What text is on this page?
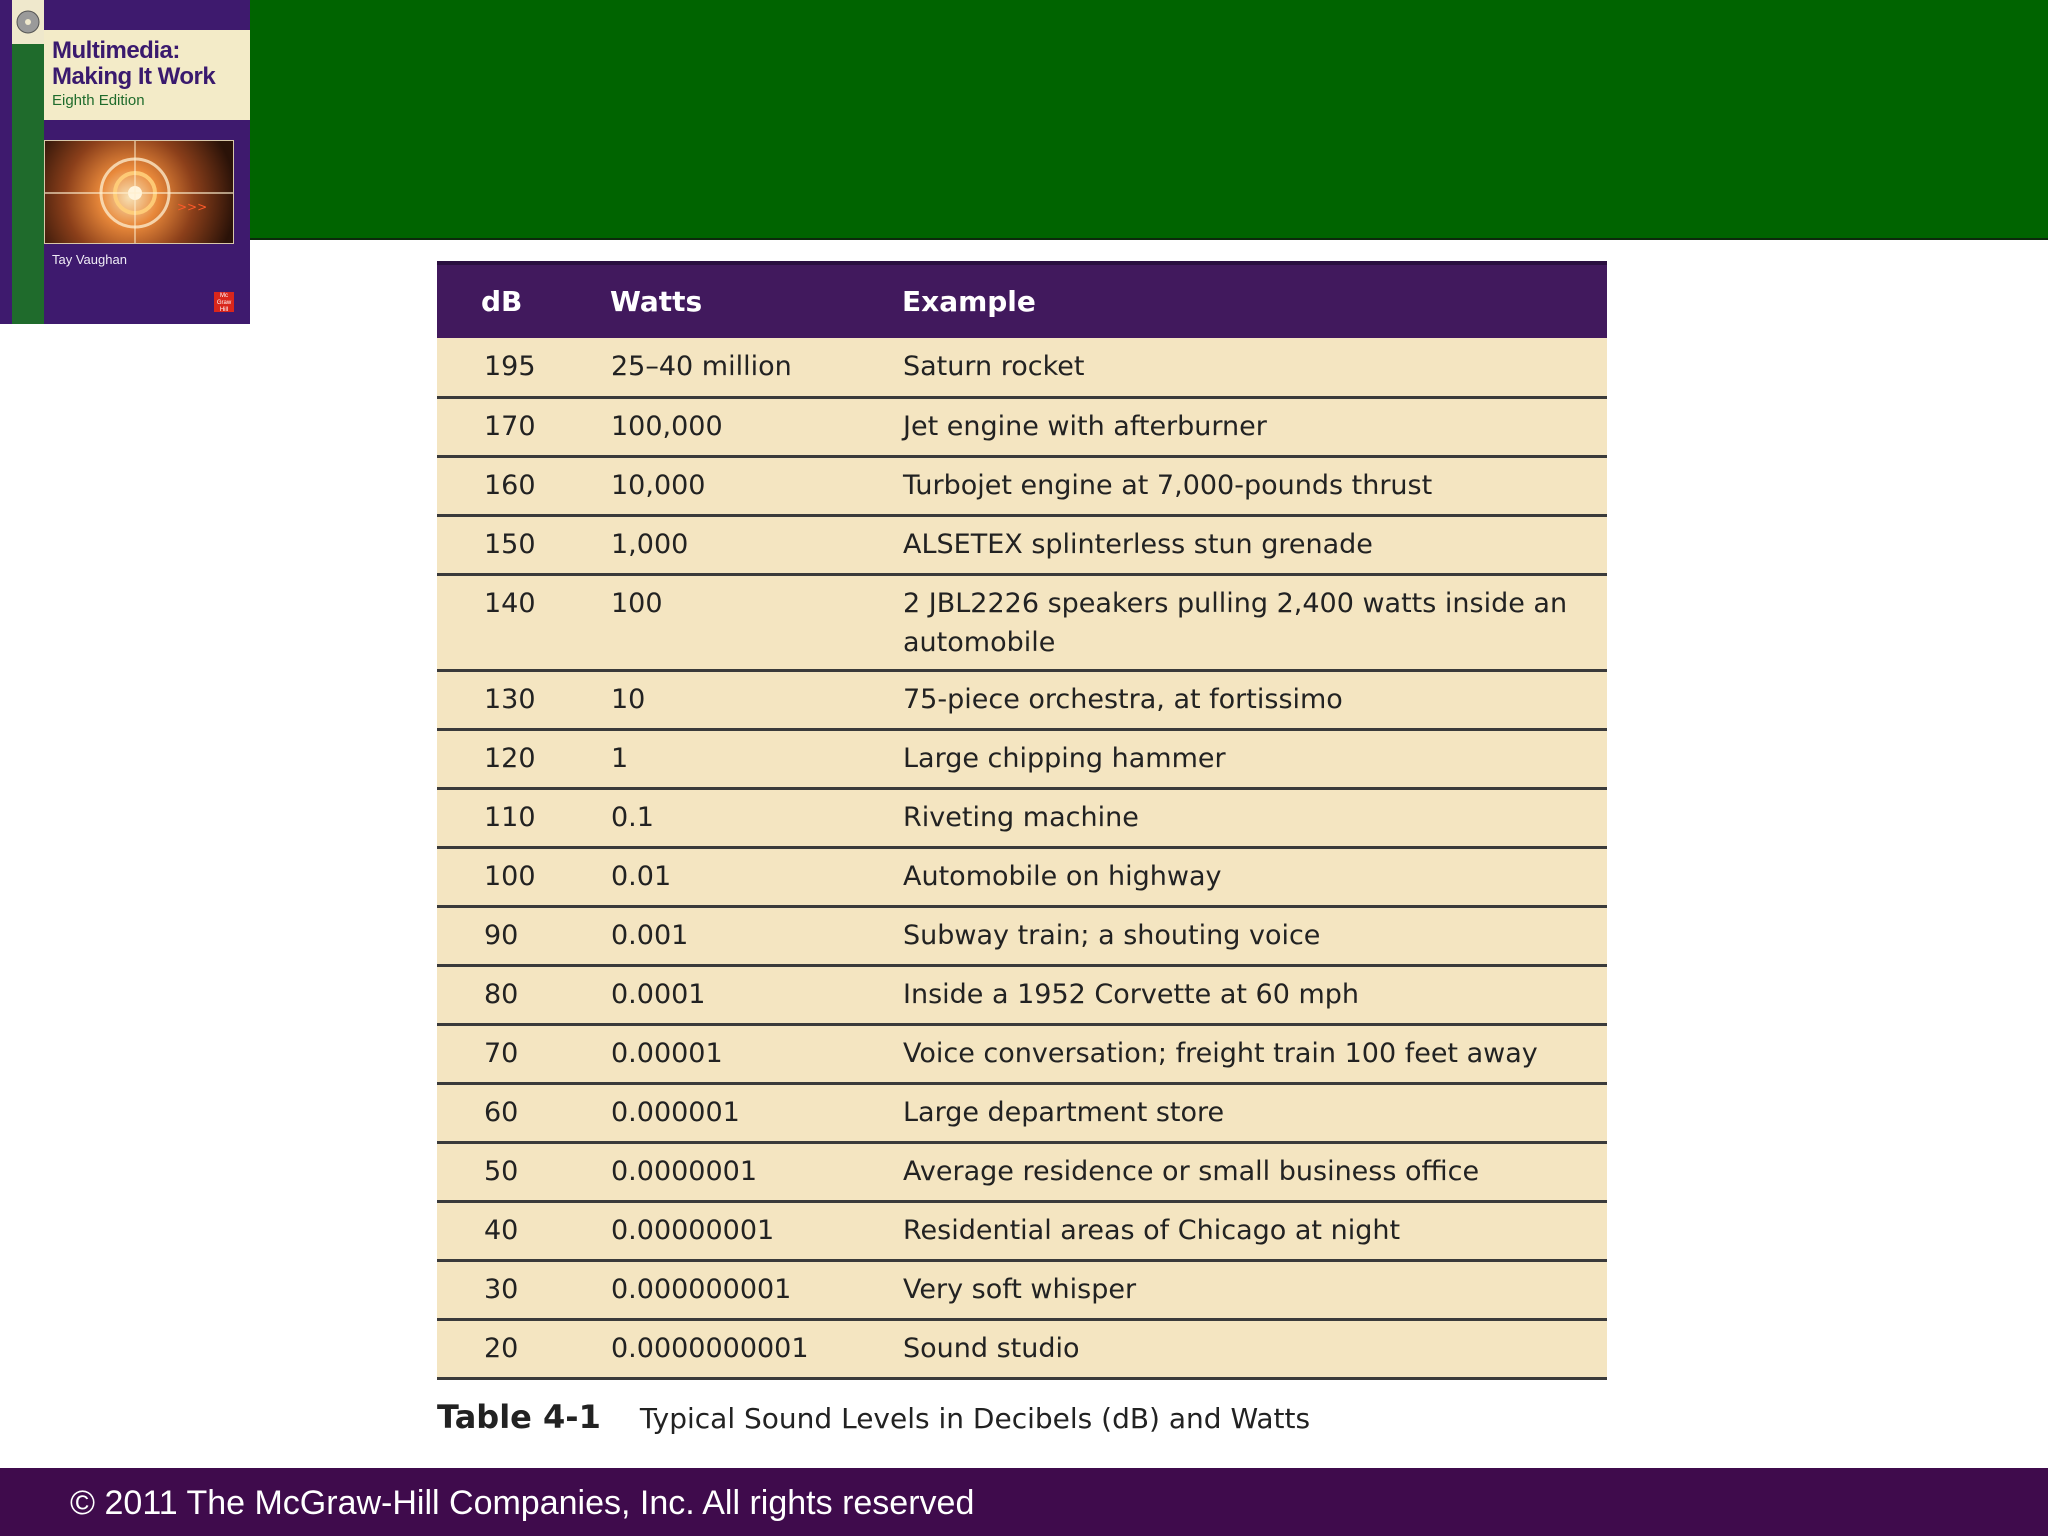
Multimedia:
Making It Work
Eighth Edition
>>>
Tay Vaughan
Mc Graw Hill	dB	Watts	Example
195	25–40 million	Saturn rocket
170	100,000	Jet engine with afterburner
160	10,000	Turbojet engine at 7,000-pounds thrust
150	1,000	ALSETEX splinterless stun grenade
140	100	2 JBL2226 speakers pulling 2,400 watts inside an automobile
130	10	75-piece orchestra, at fortissimo
120	1	Large chipping hammer
110	0.1	Riveting machine
100	0.01	Automobile on highway
90	0.001	Subway train; a shouting voice
80	0.0001	Inside a 1952 Corvette at 60 mph
70	0.00001	Voice conversation; freight train 100 feet away
60	0.000001	Large department store
50	0.0000001	Average residence or small business office
40	0.00000001	Residential areas of Chicago at night
30	0.000000001	Very soft whisper
20	0.0000000001	Sound studio
Table 4-1 Typical Sound Levels in Decibels (dB) and Watts
© 2011 The McGraw-Hill Companies, Inc. All rights reserved
